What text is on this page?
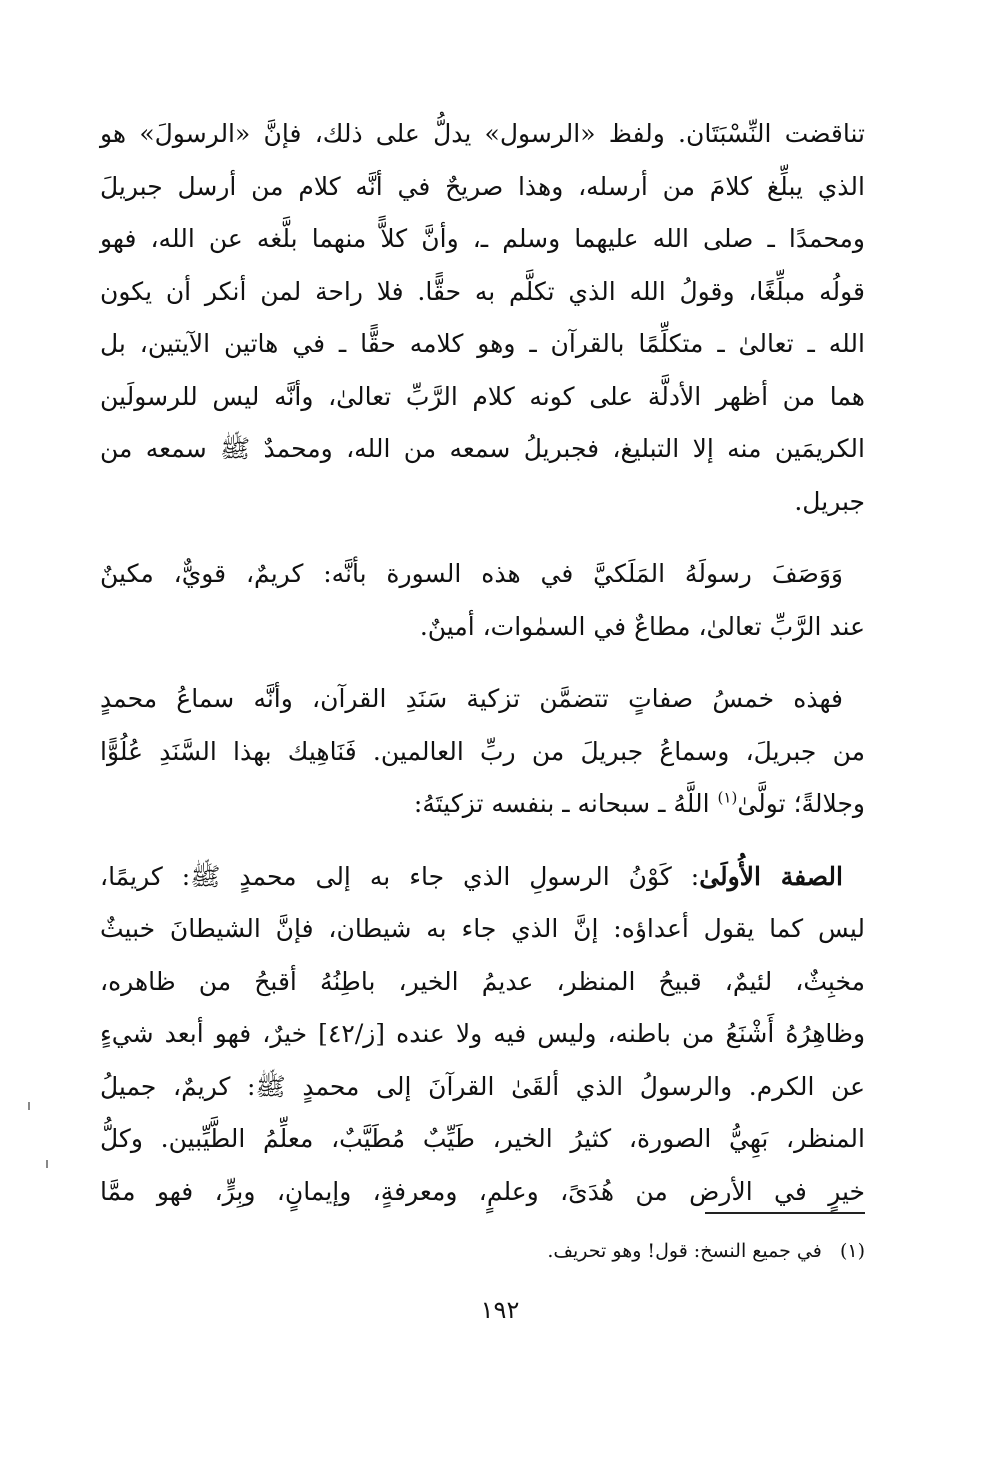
تناقضت النِّسْبَتَان. ولفظ «الرسول» يدلُّ على ذلك، فإنَّ «الرسولَ» هو
الذي يبلِّغ كلامَ من أرسله، وهذا صريحٌ في أنَّه كلام من أرسل جبريلَ
ومحمدًا ـ صلى الله عليهما وسلم ـ، وأنَّ كلاًّ منهما بلَّغه عن الله، فهو
قولُه مبلِّغًا، وقولُ الله الذي تكلَّم به حقًّا. فلا راحة لمن أنكر أن يكون
الله ـ تعالىٰ ـ متكلِّمًا بالقرآن ـ وهو كلامه حقًّا ـ في هاتين الآيتين، بل
هما من أظهر الأدلَّة على كونه كلام الرَّبِّ تعالىٰ، وأنَّه ليس للرسولَين
الكريمَين منه إلا التبليغ، فجبريلُ سمعه من الله، ومحمدٌ ﷺ سمعه من
جبريل.

وَوَصَفَ رسولَهُ المَلَكيَّ في هذه السورة بأنَّه: كريمٌ، قويٌّ، مكينٌ
عند الرَّبِّ تعالىٰ، مطاعٌ في السمٰوات، أمينٌ.

فهذه خمسُ صفاتٍ تتضمَّن تزكية سَنَدِ القرآن، وأنَّه سماعُ محمدٍ
من جبريلَ، وسماعُ جبريلَ من ربِّ العالمين. فَنَاهِيك بهذا السَّنَدِ عُلُوًّا
وجلالةً؛ تولَّىٰ$^{(١)}$ اللَّهُ ـ سبحانه ـ بنفسه تزكيتَهُ:

الصفة الأُولَىٰ: كَوْنُ الرسولِ الذي جاء به إلى محمدٍ ﷺ: كريمًا،
ليس كما يقول أعداؤه: إنَّ الذي جاء به شيطان، فإنَّ الشيطانَ خبيثٌ
مخبِثٌ، لئيمٌ، قبيحُ المنظر، عديمُ الخير، باطِنُهُ أقبحُ من ظاهره،
وظاهِرُهُ أَشْنَعُ من باطنه، وليس فيه ولا عنده [ز/٤٢] خيرٌ، فهو أبعد شيءٍ
عن الكرم. والرسولُ الذي ألقَىٰ القرآنَ إلى محمدٍ ﷺ: كريمٌ، جميلُ
المنظر، بَهِيُّ الصورة، كثيرُ الخير، طَيِّبٌ مُطَيَّبٌ، معلِّمُ الطَّيِّبين. وكلُّ
خيرٍ في الأرض من هُدَىً، وعلمٍ، ومعرفةٍ، وإيمانٍ، وبِرٍّ، فهو ممَّا

(١)   في جميع النسخ: قول! وهو تحريف.
١٩٢
